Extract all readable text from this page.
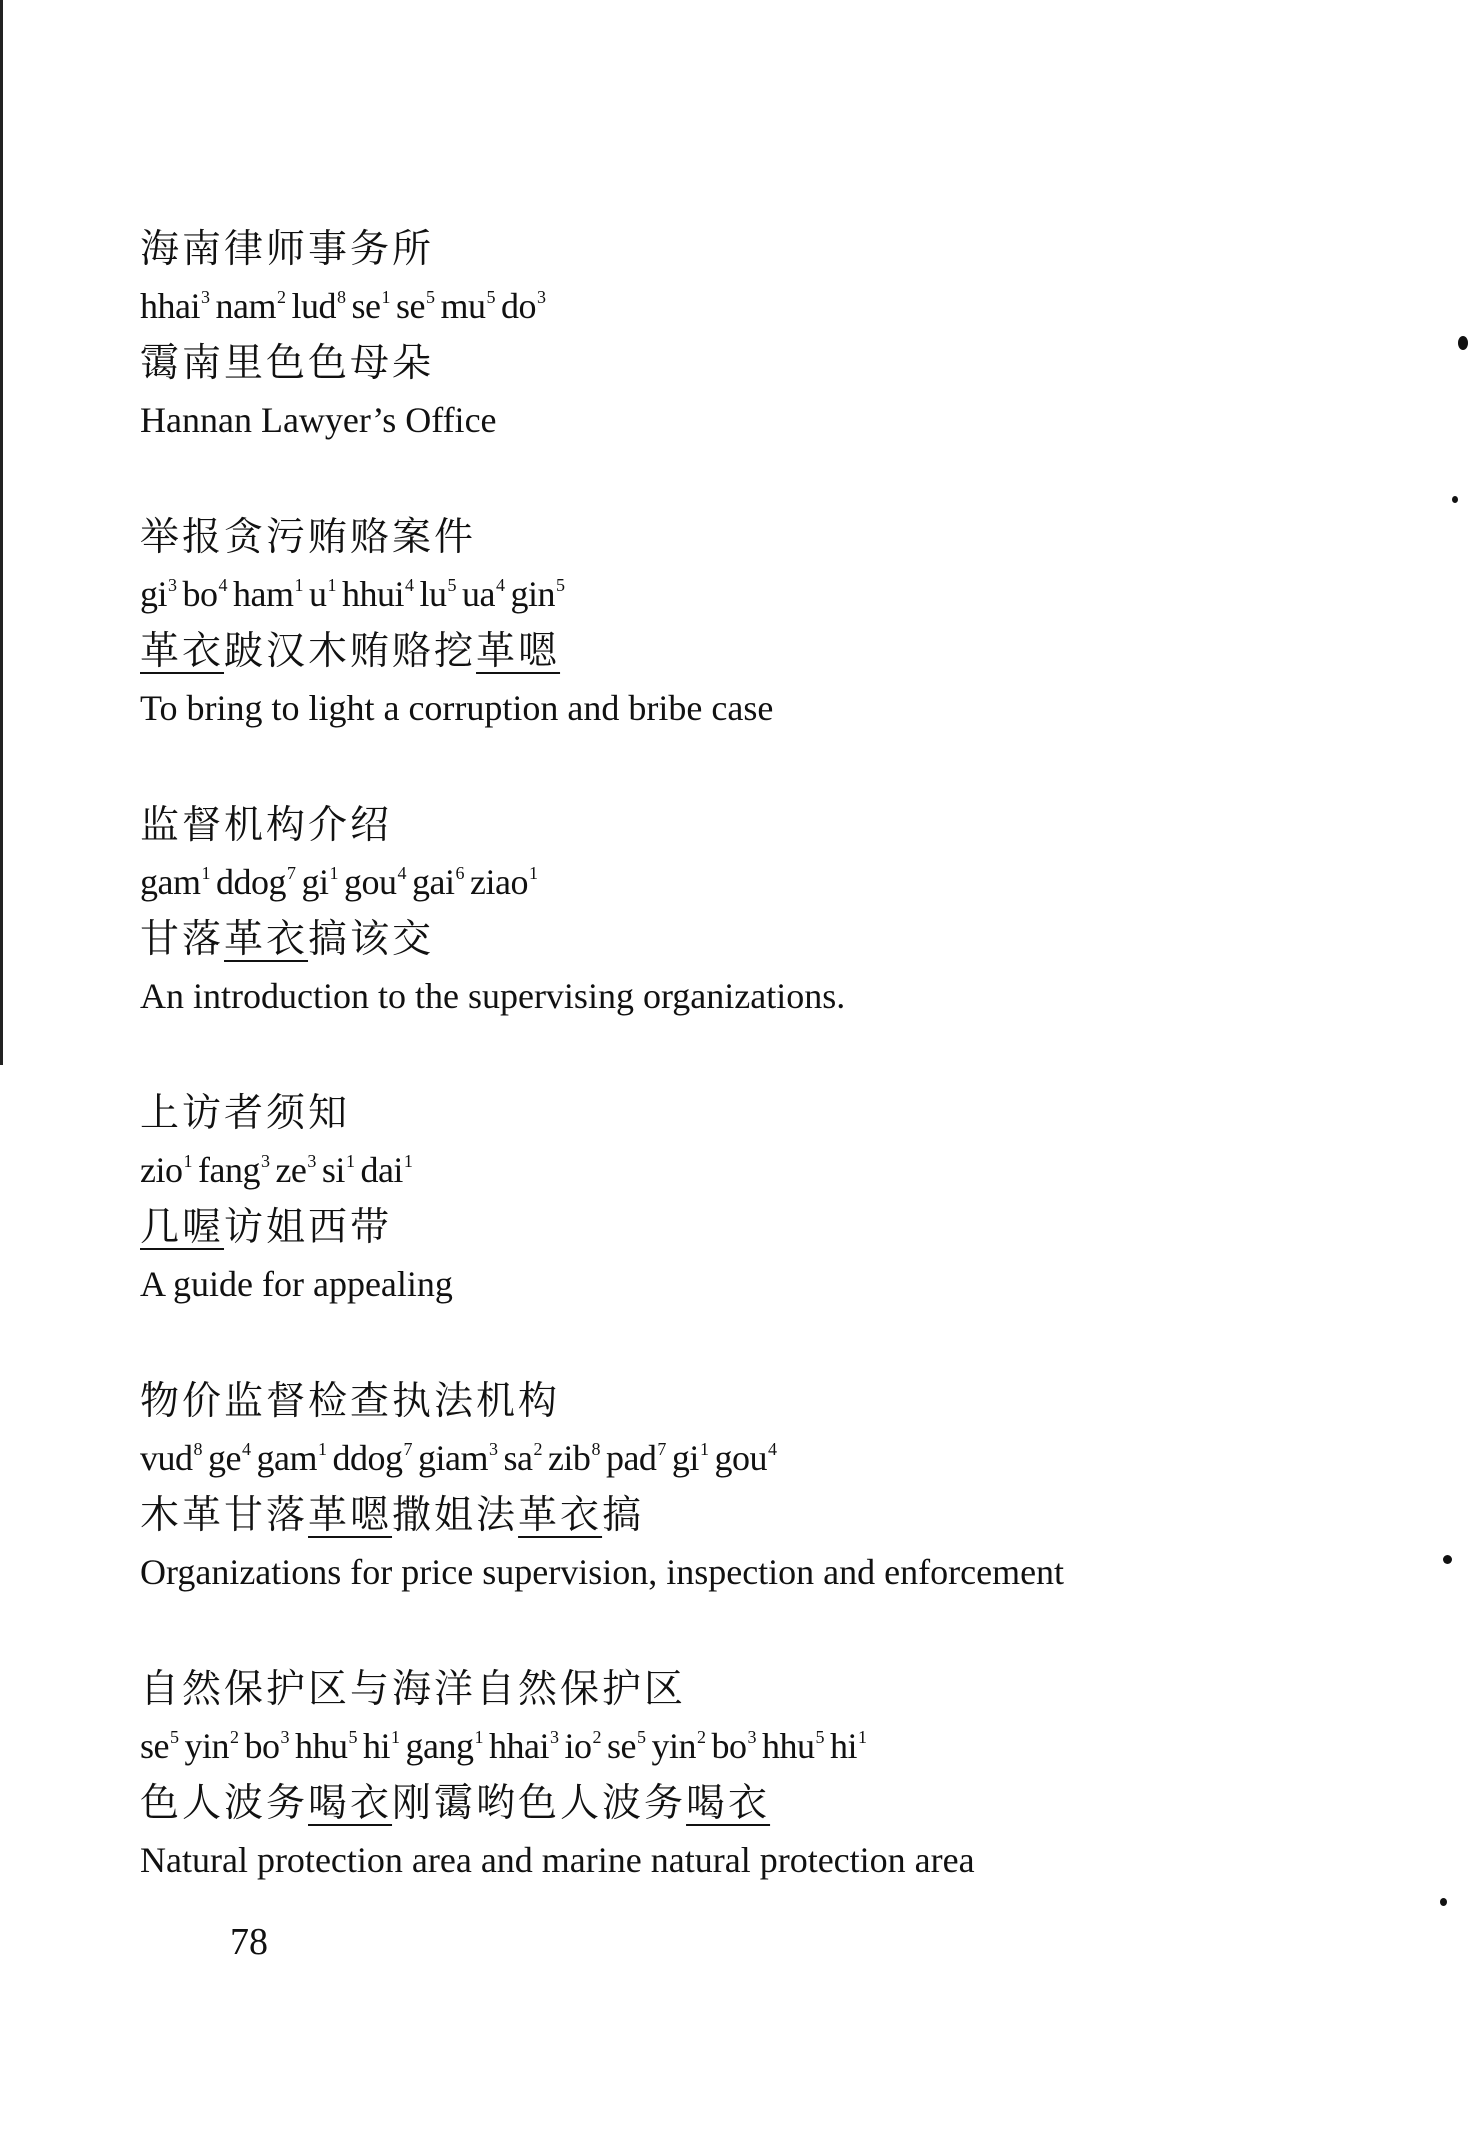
海南律师事务所
hhai$^3$ nam$^2$ lud$^8$ $se^1$ $se^5$ $mu^5$ $do^3$
霭南里色色母朵
Hannan Lawyer’s Office
举报贪污贿赂案件
$gi^3$ $bo^4$ ham$^1$ $u^1$ hhui$^4$ $lu^5$ $ua^4$ gin$^5$
革衣跛汉木贿赂挖革嗯
To bring to light a corruption and bribe case
监督机构介绍
gam$^1$ ddog$^7$ $gi^1$ gou$^4$ gai$^6$ ziao$^1$
甘落革衣搞该交
An introduction to the supervising organizations.
上访者须知
zio$^1$ fang$^3$ $ze^3$ $si^1$ dai$^1$
几喔访姐西带
A guide for appealing
物价监督检查执法机构
vud$^8$ $ge^4$ gam$^1$ ddog$^7$ giam$^3$ $sa^2$ zib$^8$ pad$^7$ $gi^1$ gou$^4$
木革甘落革嗯撒姐法革衣搞
Organizations for price supervision, inspection and enforcement
自然保护区与海洋自然保护区
$se^5$ yin$^2$ $bo^3$ hhu$^5$ $hi^1$ gang$^1$ hhai$^3$ $io^2$ $se^5$ yin$^2$ $bo^3$ hhu$^5$ $hi^1$
色人波务喝衣刚霭哟色人波务喝衣
Natural protection area and marine natural protection area
78
